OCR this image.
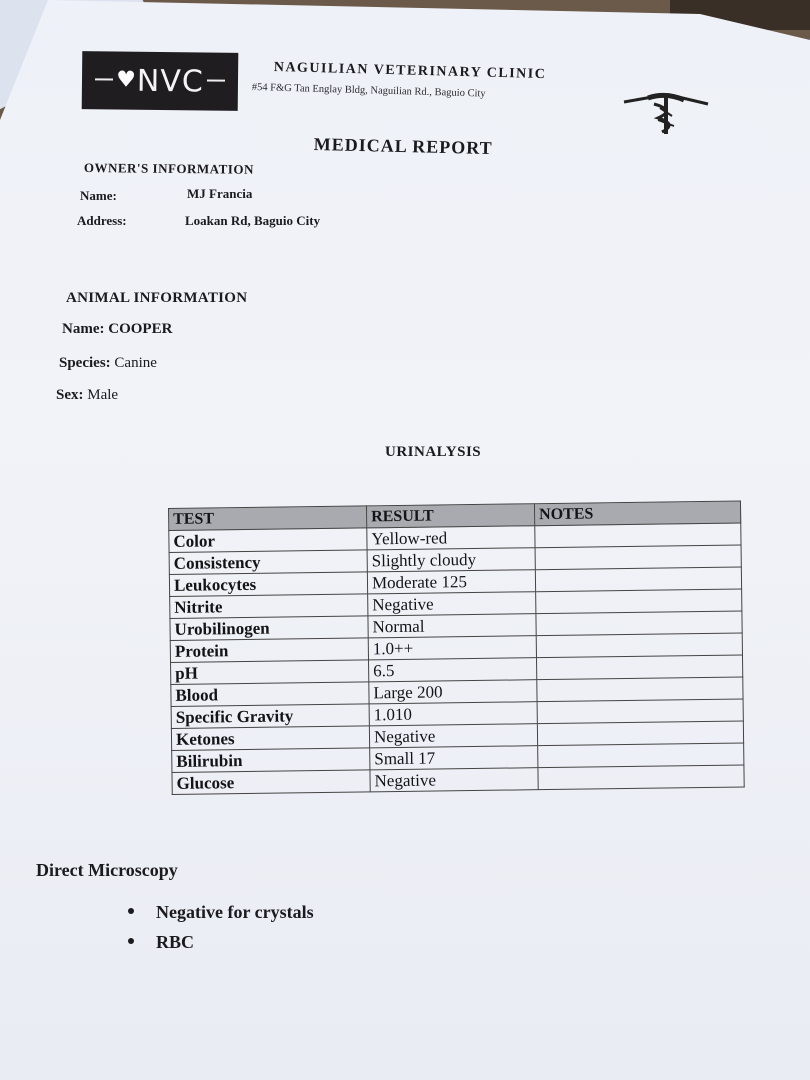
♥NVC	NAGUILIAN VETERINARY CLINIC
#54 F&G Tan Englay Bldg, Naguilian Rd., Baguio City
MEDICAL REPORT
OWNER'S INFORMATION
Name:	MJ Francia
Address:	Loakan Rd, Baguio City
ANIMAL INFORMATION
Name: COOPER
Species: Canine
Sex: Male
URINALYSIS
TEST	RESULT	NOTES
Color	Yellow-red	
Consistency	Slightly cloudy	
Leukocytes	Moderate 125	
Nitrite	Negative	
Urobilinogen	Normal	
Protein	1.0++	
pH	6.5	
Blood	Large 200	
Specific Gravity	1.010	
Ketones	Negative	
Bilirubin	Small 17	
Glucose	Negative	
Direct Microscopy
Negative for crystals
RBC
